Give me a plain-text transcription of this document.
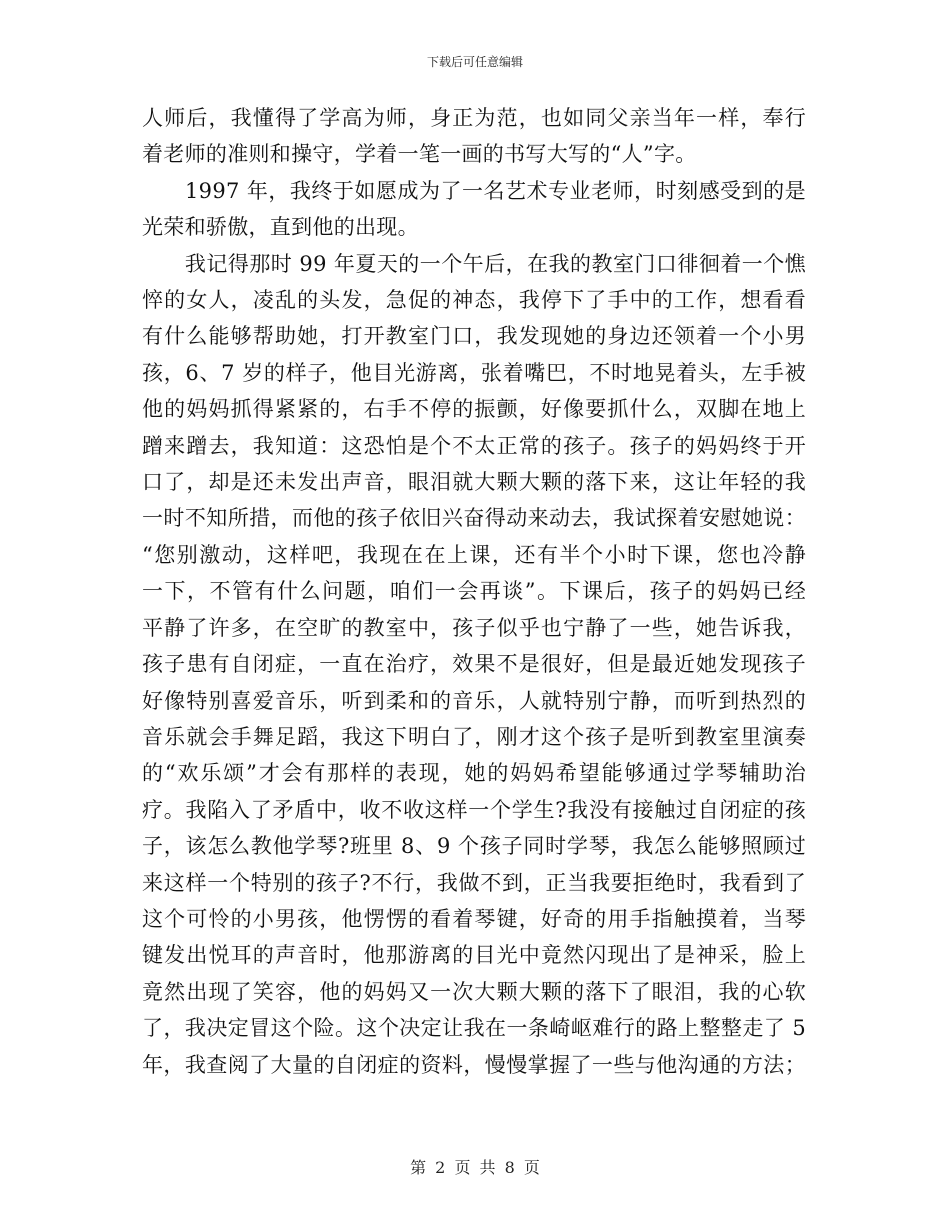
下载后可任意编辑

人师后，我懂得了学高为师，身正为范，也如同父亲当年一样，奉行
着老师的准则和操守，学着一笔一画的书写大写的“人”字。

　　1997 年，我终于如愿成为了一名艺术专业老师，时刻感受到的是
光荣和骄傲，直到他的出现。

　　我记得那时 99 年夏天的一个午后，在我的教室门口徘徊着一个憔
悴的女人，凌乱的头发，急促的神态，我停下了手中的工作，想看看
有什么能够帮助她，打开教室门口，我发现她的身边还领着一个小男
孩，6、7 岁的样子，他目光游离，张着嘴巴，不时地晃着头，左手被
他的妈妈抓得紧紧的，右手不停的振颤，好像要抓什么，双脚在地上
蹭来蹭去，我知道：这恐怕是个不太正常的孩子。孩子的妈妈终于开
口了，却是还未发出声音，眼泪就大颗大颗的落下来，这让年轻的我
一时不知所措，而他的孩子依旧兴奋得动来动去，我试探着安慰她说：
“您别激动，这样吧，我现在在上课，还有半个小时下课，您也冷静
一下，不管有什么问题，咱们一会再谈”。下课后，孩子的妈妈已经
平静了许多，在空旷的教室中，孩子似乎也宁静了一些，她告诉我，
孩子患有自闭症，一直在治疗，效果不是很好，但是最近她发现孩子
好像特别喜爱音乐，听到柔和的音乐，人就特别宁静，而听到热烈的
音乐就会手舞足蹈，我这下明白了，刚才这个孩子是听到教室里演奏
的“欢乐颂”才会有那样的表现，她的妈妈希望能够通过学琴辅助治
疗。我陷入了矛盾中，收不收这样一个学生?我没有接触过自闭症的孩
子，该怎么教他学琴?班里 8、9 个孩子同时学琴，我怎么能够照顾过
来这样一个特别的孩子?不行，我做不到，正当我要拒绝时，我看到了
这个可怜的小男孩，他愣愣的看着琴键，好奇的用手指触摸着，当琴
键发出悦耳的声音时，他那游离的目光中竟然闪现出了是神采，脸上
竟然出现了笑容，他的妈妈又一次大颗大颗的落下了眼泪，我的心软
了，我决定冒这个险。这个决定让我在一条崎岖难行的路上整整走了 5
年，我查阅了大量的自闭症的资料，慢慢掌握了一些与他沟通的方法；

第 2 页 共 8 页
